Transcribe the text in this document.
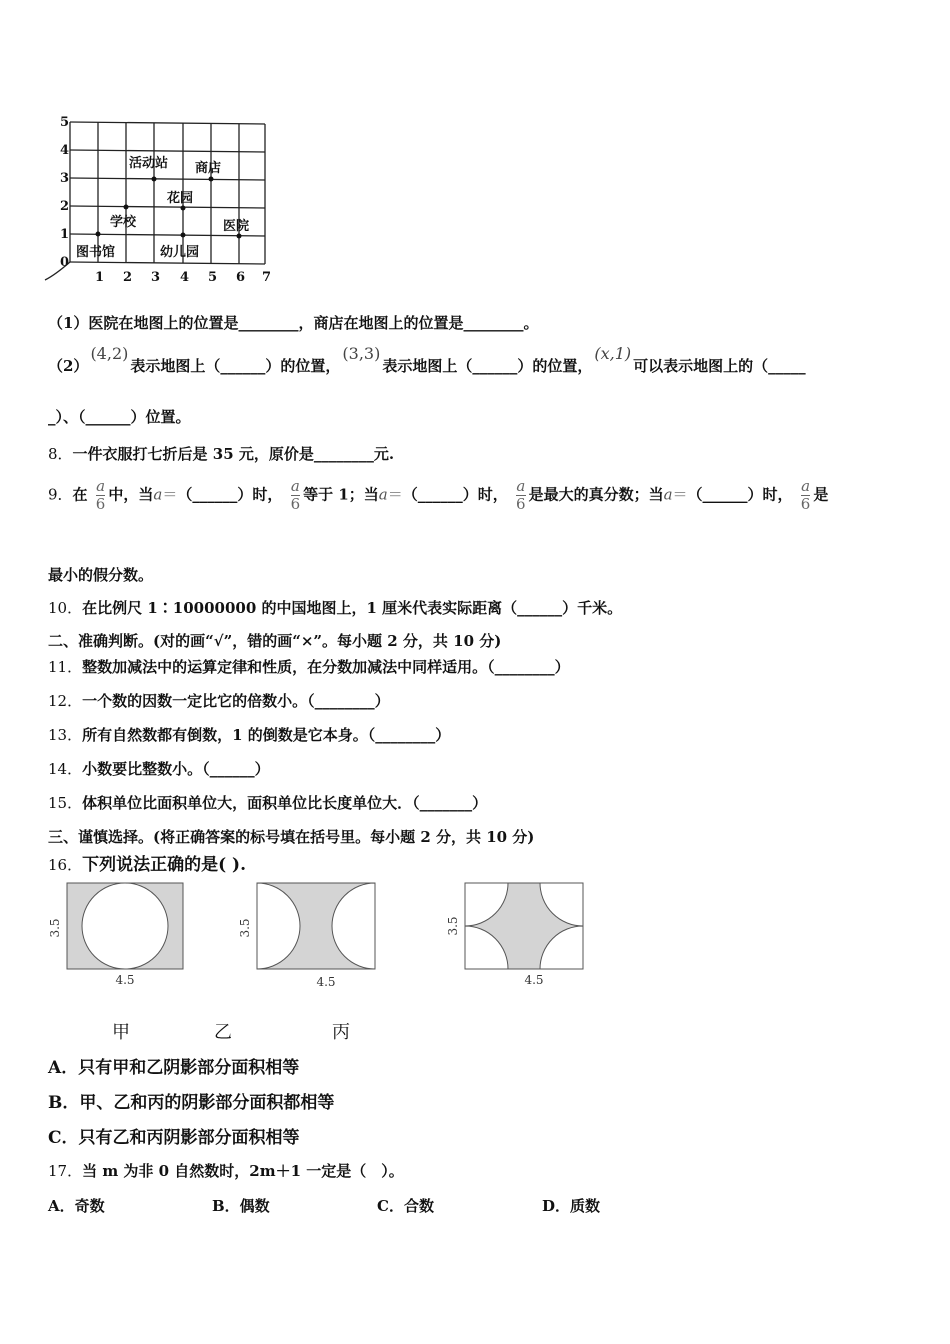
0
1
2
3
4
5
1 2 3 4 5 6 7
活动站 商店
花园
学校	医院
图书馆	幼儿园
（1）医院在地图上的位置是________，商店在地图上的位置是________。
（2）(4,2)表示地图上（______）的位置，(3,3)表示地图上（______）的位置，(x,1)可以表示地图上的（_____
_）、（______）位置。
8．一件衣服打七折后是 35 元，原价是________元.
9．在 $\frac{a}{6}$ 中，当a＝（______）时， $\frac{a}{6}$ 等于 1；当a＝（______）时， $\frac{a}{6}$ 是最大的真分数；当a＝（______）时， $\frac{a}{6}$ 是
最小的假分数。
10．在比例尺 1∶10000000 的中国地图上，1 厘米代表实际距离（______）千米。
二、准确判断。(对的画“√”，错的画“×”。每小题 2 分，共 10 分)
11．整数加减法中的运算定律和性质，在分数加减法中同样适用。（________）
12．一个数的因数一定比它的倍数小。（________）
13．所有自然数都有倒数，1 的倒数是它本身。（________）
14．小数要比整数小。（______）
15．体积单位比面积单位大，面积单位比长度单位大．（_______）
三、谨慎选择。(将正确答案的标号填在括号里。每小题 2 分，共 10 分)
16．下列说法正确的是( ).
3.5
4.5
3.5
4.5
3.5
4.5
甲	乙	丙
A．只有甲和乙阴影部分面积相等
B．甲、乙和丙的阴影部分面积都相等
C．只有乙和丙阴影部分面积相等
17．当 m 为非 0 自然数时，2m＋1 一定是（　）。
A．奇数	B．偶数	C．合数	D．质数
